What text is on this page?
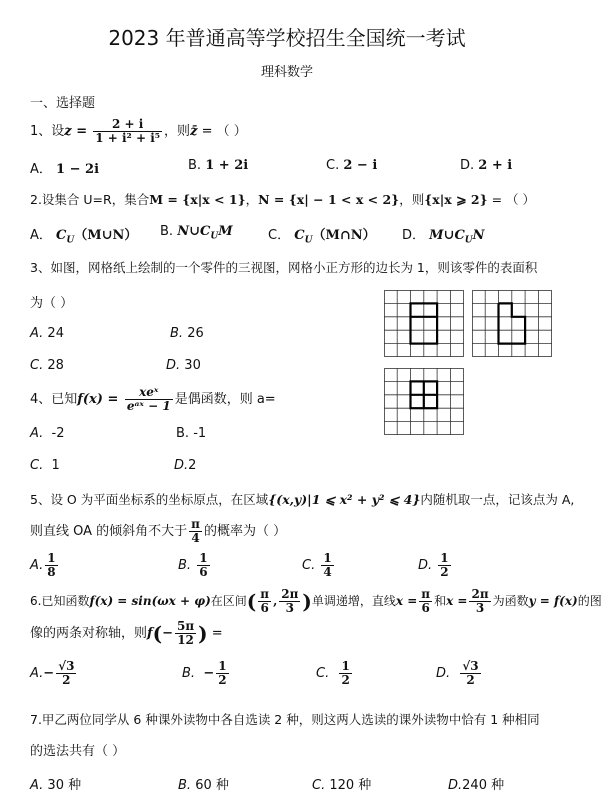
2023 年普通高等学校招生全国统一考试
理科数学
一、选择题
1、设$z = \frac{2 + i}{\text{1 + i² + i⁵}}$ ，则z̄ = （ ）
A． 1 − 2i	B. 1 + 2i	C. 2 − i	D. 2 + i
2.设集合 U=R，集合M = {x|x < 1}，N = {x| − 1 < x < 2}，则{x|x ⩾ 2} = （ ）
A． $C_U(M\cup N)$ B. $N\cup C_UM$	C． $C_U(M\cap N)$ D． $M\cup C_UN$
3、如图，网格纸上绘制的一个零件的三视图，网格小正方形的边长为 1，则该零件的表面积
为（ ）
A. 24	B. 26
C. 28	D. 30
4、已知$f(x) = \frac{\text{xeˣ}}{\text{eᵃˣ − 1}}$ 是偶函数，则 a=
A. -2	B. -1
C. 1	D.2
5、设 O 为平面坐标系的坐标原点，在区域{(x,y)|1 ⩽ x² + y² ⩽ 4}内随机取一点，记该点为 A,
则直线 OA 的倾斜角不大于 $\frac{\pi}{4}$ 的概率为（ ）
A. $\frac{1}{8}$	B. $\frac{1}{6}$	C. $\frac{1}{4}$	D. $\frac{1}{2}$
6.已知函数f(x) = sin(ωx + φ)在区间( $\frac{\pi}{6}$ , $\frac{2\pi}{3}$ )单调递增，直线$x = \frac{\pi}{6}$ 和$x = \frac{2\pi}{3}$ 为函数y = f(x)的图
像的两条对称轴，则$f(- \frac{5\pi}{12}$ ) =
$A.- \frac{√3}{2}$	B. − $\frac{1}{2}$	C. $\frac{1}{2}$	D. $\frac{√3}{2}$
7.甲乙两位同学从 6 种课外读物中各自选读 2 种，则这两人选读的课外读物中恰有 1 种相同
的选法共有（ ）
A. 30 种	B. 60 种	C. 120 种	D.240 种
